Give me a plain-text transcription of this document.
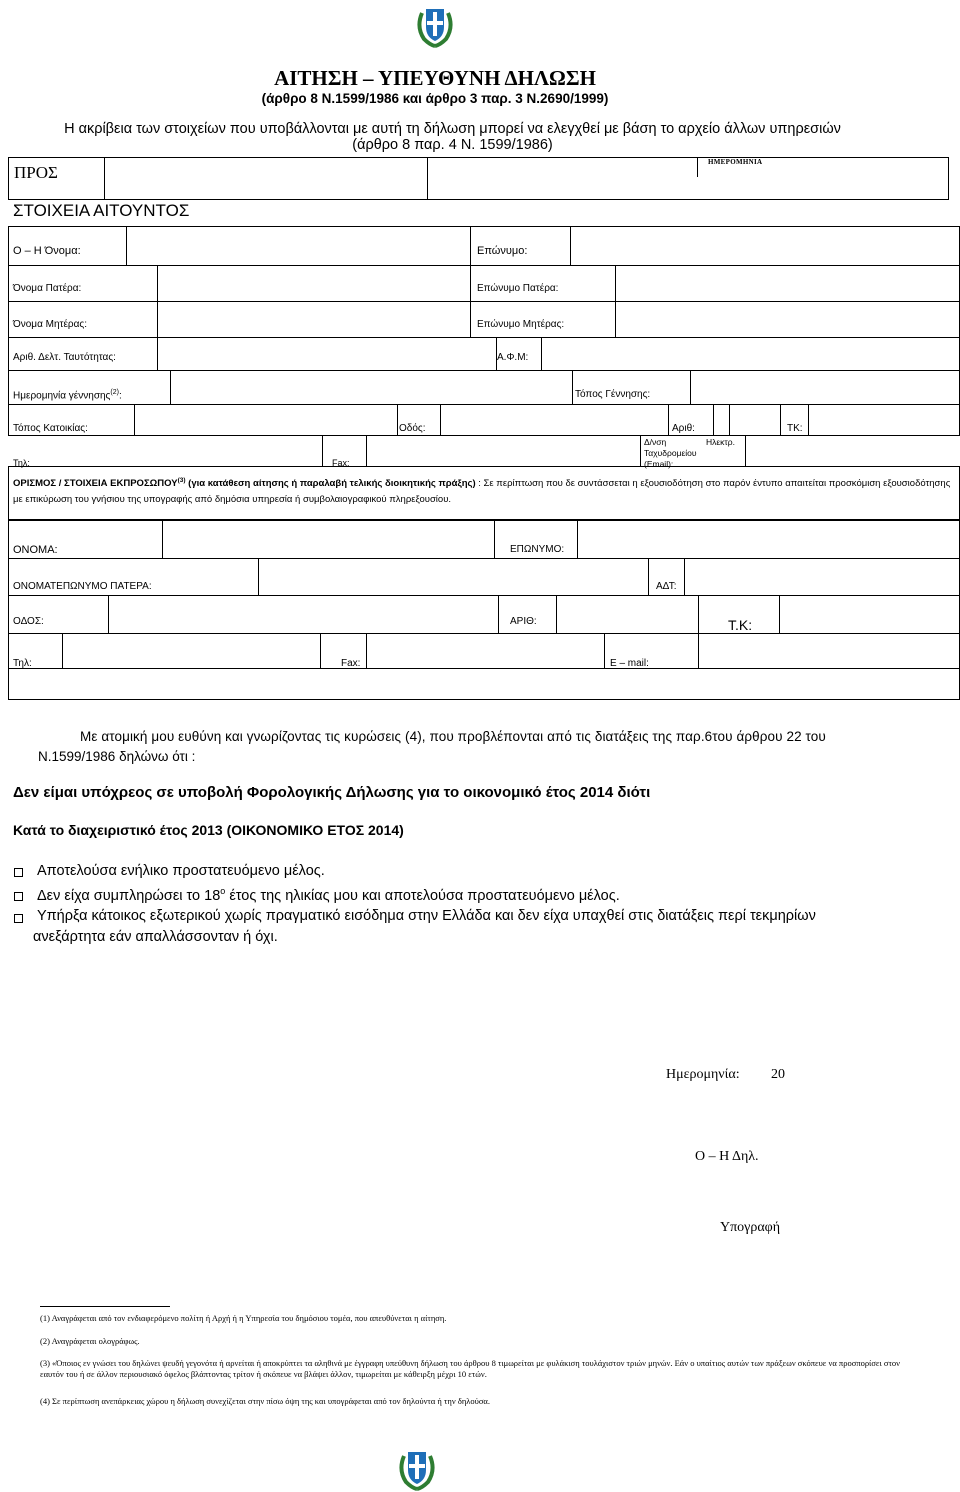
ΑΙΤΗΣΗ – ΥΠΕΥΘΥΝΗ ΔΗΛΩΣΗ
(άρθρο 8 Ν.1599/1986 και άρθρο 3 παρ. 3 Ν.2690/1999)
Η ακρίβεια των στοιχείων που υποβάλλονται με αυτή τη δήλωση μπορεί να ελεγχθεί με βάση το αρχείο άλλων υπηρεσιών
(άρθρο 8 παρ. 4 Ν. 1599/1986)
ΠΡΟΣ
ΗΜΕΡΟΜΗΝΙΑ
ΣΤΟΙΧΕΙΑ ΑΙΤΟΥΝΤΟΣ
Ο – Η Όνομα:	Επώνυμο:
Όνομα Πατέρα:	Επώνυμο Πατέρα:
Όνομα Μητέρας:	Επώνυμο Μητέρας:
Αριθ. Δελτ. Ταυτότητας:	Α.Φ.Μ:
Ημερομηνία γέννησης$^{(2)}$:	Τόπος Γέννησης:
Τόπος Κατοικίας:	Οδός:	Αριθ:	ΤΚ:
Τηλ:	Fax:
Δ/νση	Ηλεκτρ.
Ταχυδρομείου
(Email):
ΟΡΙΣΜΟΣ / ΣΤΟΙΧΕΙΑ ΕΚΠΡΟΣΩΠΟΥ$^{(3)}$ (για κατάθεση αίτησης ή παραλαβή τελικής διοικητικής πράξης) : Σε περίπτωση που δε συντάσσεται η εξουσιοδότηση στο παρόν έντυπο απαιτείται προσκόμιση εξουσιοδότησης με επικύρωση του γνήσιου της υπογραφής από δημόσια υπηρεσία ή συμβολαιογραφικού πληρεξουσίου.
ΟΝΟΜΑ:	ΕΠΩΝΥΜΟ:
ΟΝΟΜΑΤΕΠΩΝΥΜΟ ΠΑΤΕΡΑ:	ΑΔΤ:
ΟΔΟΣ:	ΑΡΙΘ:	Τ.Κ:
Τηλ:	Fax:	E – mail:
Με ατομική μου ευθύνη και γνωρίζοντας τις κυρώσεις (4), που προβλέπονται από τις διατάξεις της παρ.6του άρθρου 22 του
Ν.1599/1986 δηλώνω ότι :
Δεν είμαι υπόχρεος σε υποβολή Φορολογικής Δήλωσης για το οικονομικό έτος 2014 διότι
Κατά το διαχειριστικό έτος 2013 (ΟΙΚΟΝΟΜΙΚΟ ΕΤΟΣ 2014)
Αποτελούσα ενήλικο προστατευόμενο μέλος.
Δεν είχα συμπληρώσει το $18^o$ έτος της ηλικίας μου και αποτελούσα προστατευόμενο μέλος.
Υπήρξα κάτοικος εξωτερικού χωρίς πραγματικό εισόδημα στην Ελλάδα και δεν είχα υπαχθεί στις διατάξεις περί τεκμηρίων
ανεξάρτητα εάν απαλλάσσονταν ή όχι.
Ημερομηνία: 20
Ο – Η Δηλ.
Υπογραφή
(1) Αναγράφεται από τον ενδιαφερόμενο πολίτη ή Αρχή ή η Υπηρεσία του δημόσιου τομέα, που απευθύνεται η αίτηση.
(2) Αναγράφεται ολογράφως.
(3) «Όποιος εν γνώσει του δηλώνει ψευδή γεγονότα ή αρνείται ή αποκρύπτει τα αληθινά με έγγραφη υπεύθυνη δήλωση του άρθρου 8 τιμωρείται με φυλάκιση τουλάχιστον τριών μηνών. Εάν ο υπαίτιος αυτών των πράξεων σκόπευε να προσπορίσει στον εαυτόν του ή σε άλλον περιουσιακό όφελος βλάπτοντας τρίτον ή σκόπευε να βλάψει άλλον, τιμωρείται με κάθειρξη μέχρι 10 ετών.
(4) Σε περίπτωση ανεπάρκειας χώρου η δήλωση συνεχίζεται στην πίσω όψη της και υπογράφεται από τον δηλούντα ή την δηλούσα.
